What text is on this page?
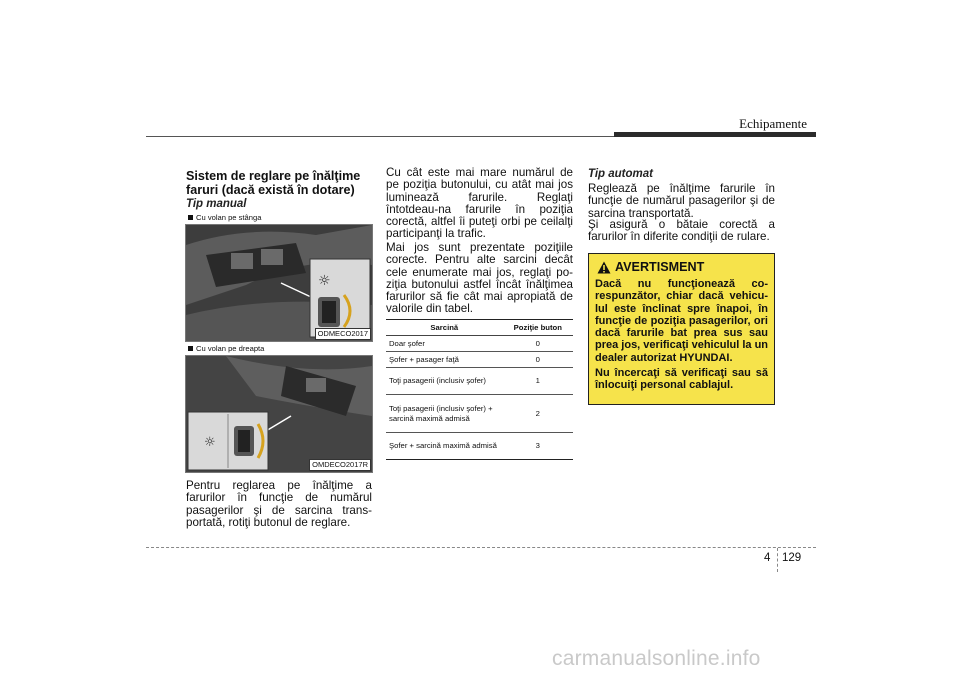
Echipamente
Sistem de reglare pe înălţime faruri (dacă există în dotare)
Tip manual
Cu volan pe stânga
☼
ODMECO2017
Cu volan pe dreapta
☼
OMDECO2017R
Pentru reglarea pe înălţime a farurilor în funcţie de numărul pasagerilor şi de sarcina trans-portată, rotiţi butonul de reglare.
Cu cât este mai mare numărul de pe poziţia butonului, cu atât mai jos luminează farurile. Reglaţi întotdeau-na farurile în poziţia corectă, altfel îi puteţi orbi pe ceilalţi participanţi la trafic.
Mai jos sunt prezentate poziţiile corecte. Pentru alte sarcini decât cele enumerate mai jos, reglaţi po-ziţia butonului astfel încât înălţimea farurilor să fie cât mai apropiată de valorile din tabel.
Sarcină	Poziţie buton
Doar şofer	0
Şofer + pasager faţă	0
Toţi pasagerii (inclusiv şofer)	1
Toţi pasagerii (inclusiv şofer) + sarcină maximă admisă	2
Şofer + sarcină maximă admisă	3
Tip automat
Reglează pe înălţime farurile în funcţie de numărul pasagerilor şi de sarcina transportată.
Şi asigură o bătaie corectă a farurilor în diferite condiţii de rulare.
AVERTISMENT

Dacă nu funcţionează co-respunzător, chiar dacă vehicu-lul este înclinat spre înapoi, în funcţie de poziţia pasagerilor, ori dacă farurile bat prea sus sau prea jos, verificaţi vehiculul la un dealer autorizat HYUNDAI.

Nu încercaţi să verificaţi sau să înlocuiţi personal cablajul.

4 129
carmanualsonline.info
